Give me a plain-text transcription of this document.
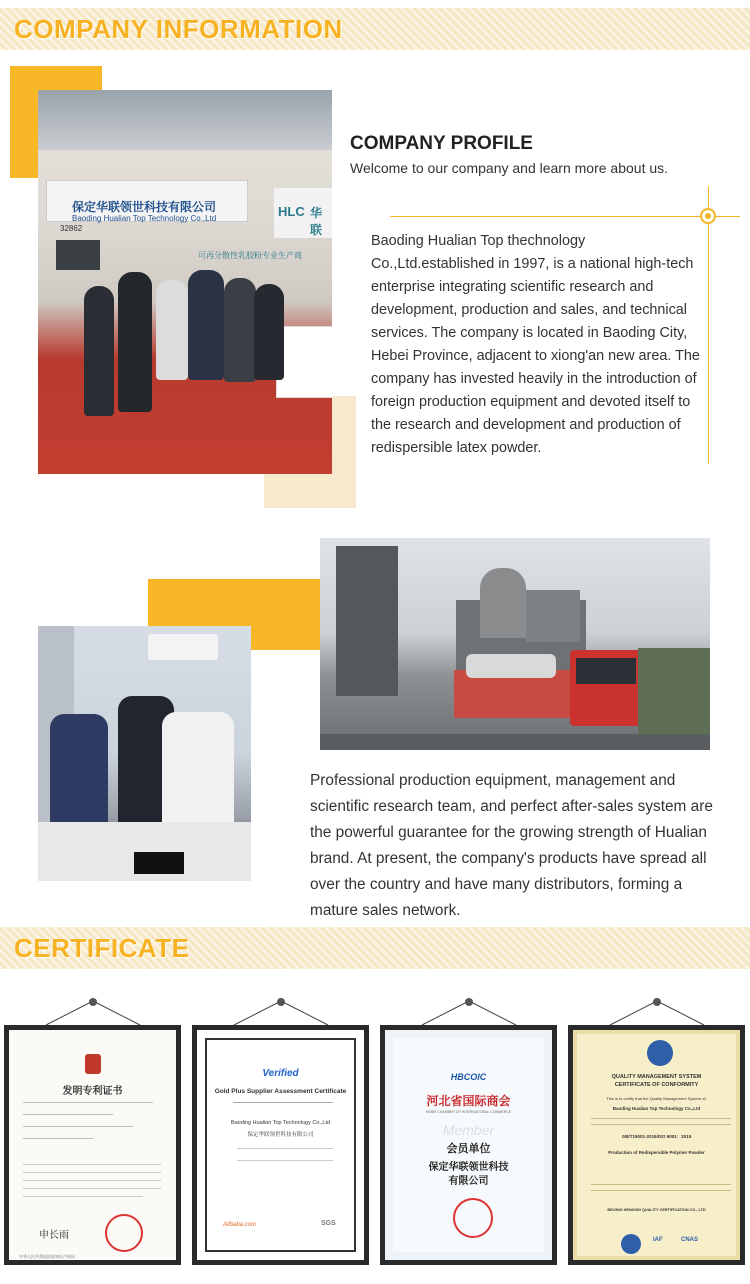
COMPANY INFORMATION
保定华联领世科技有限公司
Baoding Hualian Top Technology Co.,Ltd
32862
HLC 华联
可再分散性乳胶粉专业生产商
COMPANY PROFILE
Welcome to our company and learn more about us.
Baoding Hualian Top thechnology Co.,Ltd.established in 1997, is a national high-tech enterprise integrating scientific research and development, production and sales, and technical services. The company is located in Baoding City, Hebei Province, adjacent to xiong'an new area. The company has invested heavily in the introduction of foreign production equipment and devoted itself to the research and development and production of redispersible latex powder.
Professional production equipment, management and scientific research team, and perfect after-sales system are the powerful guarantee for the growing strength of Hualian brand. At present, the company's products have spread all over the country and have many distributors, forming a mature sales network.
CERTIFICATE
发明专利证书
申长雨
中华人民共和国国家知识产权局
Verified
Gold Plus Supplier Assessment Certificate
Baoding Hualian Top Technology Co.,Ltd
保定华联领世科技有限公司
Alibaba.com	SGS
HBCOIC
河北省国际商会
HEBEI CHAMBER OF INTERNATIONAL COMMERCE
Member
会员单位
保定华联领世科技
有限公司
QUALITY MANAGEMENT SYSTEM
CERTIFICATE OF CONFORMITY
This is to certify that the Quality Management System of:
Baoding Hualian Top Technology Co.,Ltd
GB/T19001-2016/ISO 9001：2015
Production of Redispersible Polymer Powder
BEIJING HENGXIN QUALITY CERTIFICATION CO., LTD
IAF	CNAS
